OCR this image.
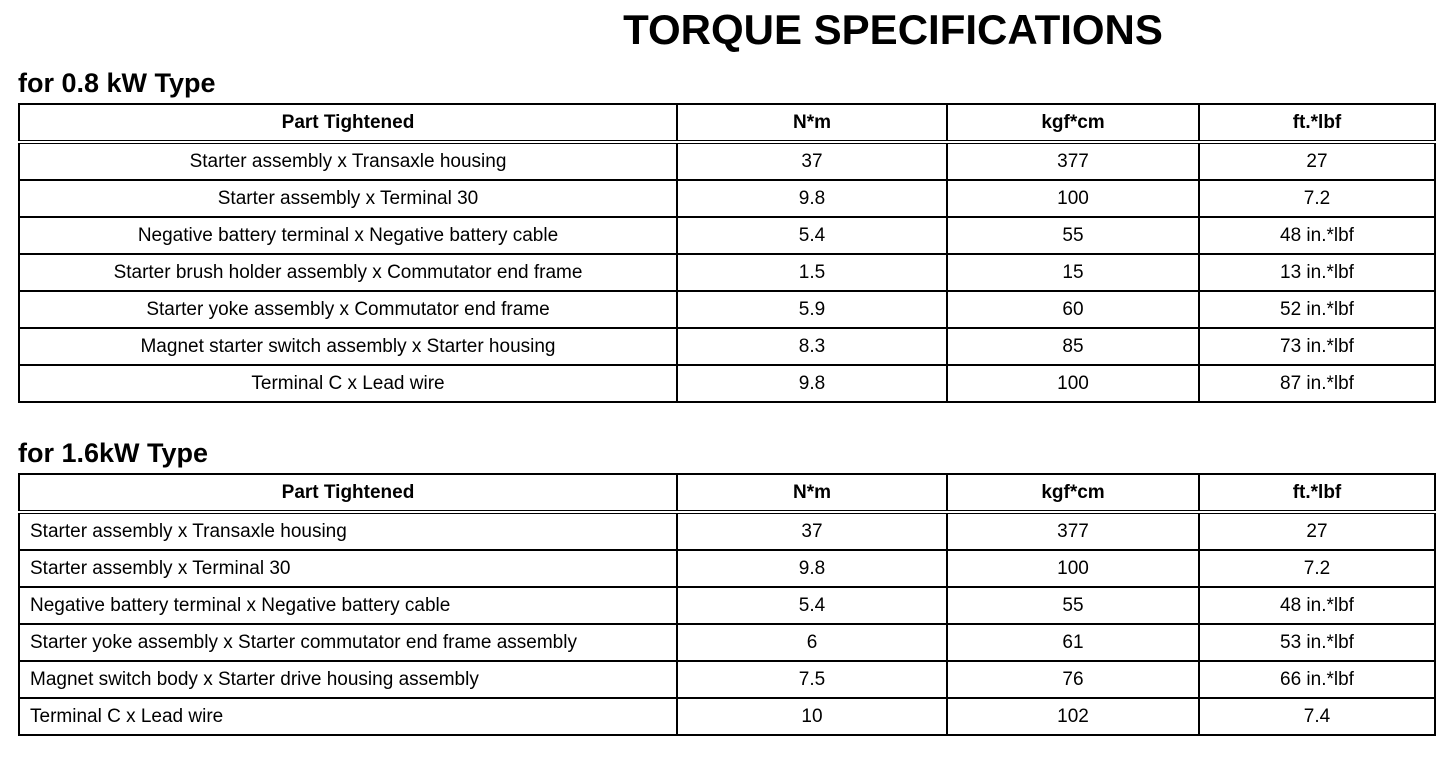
TORQUE SPECIFICATIONS
for 0.8 kW Type
Part Tightened	N*m	kgf*cm	ft.*lbf
Starter assembly x Transaxle housing	37	377	27
Starter assembly x Terminal 30	9.8	100	7.2
Negative battery terminal x Negative battery cable	5.4	55	48 in.*lbf
Starter brush holder assembly x Commutator end frame	1.5	15	13 in.*lbf
Starter yoke assembly x Commutator end frame	5.9	60	52 in.*lbf
Magnet starter switch assembly x Starter housing	8.3	85	73 in.*lbf
Terminal C x Lead wire	9.8	100	87 in.*lbf
for 1.6kW Type
Part Tightened	N*m	kgf*cm	ft.*lbf
Starter assembly x Transaxle housing	37	377	27
Starter assembly x Terminal 30	9.8	100	7.2
Negative battery terminal x Negative battery cable	5.4	55	48 in.*lbf
Starter yoke assembly x Starter commutator end frame assembly	6	61	53 in.*lbf
Magnet switch body x Starter drive housing assembly	7.5	76	66 in.*lbf
Terminal C x Lead wire	10	102	7.4
